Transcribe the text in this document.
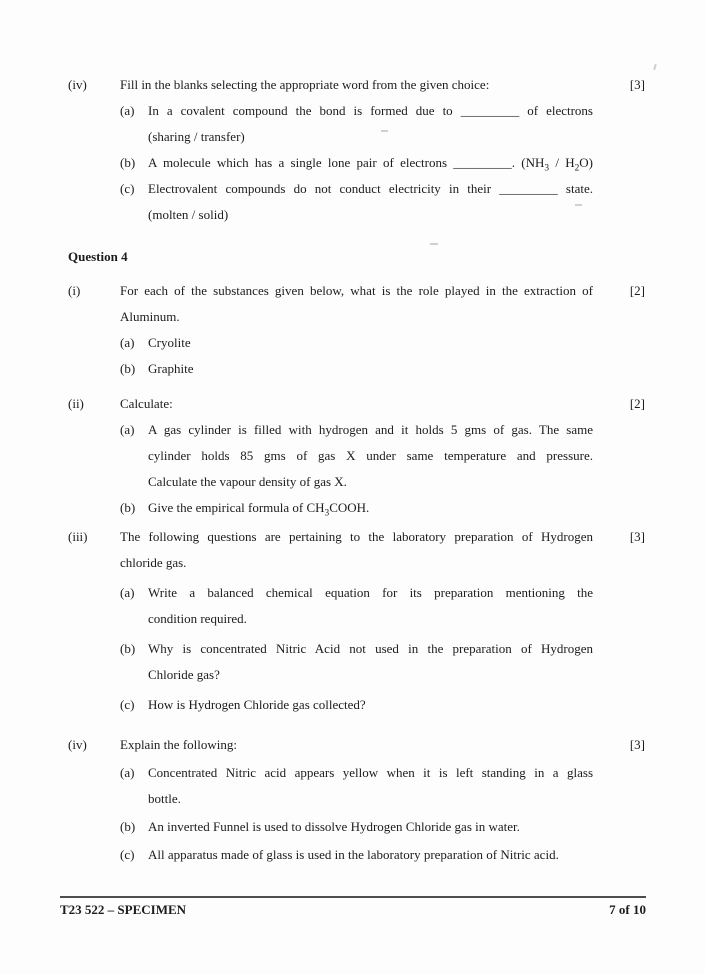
(iv)	Fill in the blanks selecting the appropriate word from the given choice:	[3]
(a)	In a covalent compound the bond is formed due to _________ of electrons
(sharing / transfer)
(b) A molecule which has a single lone pair of electrons _________. $(NH_3 / H_2O)$
(c)	Electrovalent compounds do not conduct electricity in their _________ state.
(molten / solid)
Question 4
(i)	For each of the substances given below, what is the role played in the extraction of
Aluminum.
[2]
(a)	Cryolite
(b) Graphite
(ii)	Calculate:	[2]
(a)	A gas cylinder is filled with hydrogen and it holds 5 gms of gas. The same
cylinder holds 85 gms of gas X under same temperature and pressure.
Calculate the vapour density of gas X.
(b) Give the empirical formula of $CH_3COOH$.
(iii)	The following questions are pertaining to the laboratory preparation of Hydrogen
chloride gas.
[3]
(a)	Write a balanced chemical equation for its preparation mentioning the
condition required.
(b) Why is concentrated Nitric Acid not used in the preparation of Hydrogen
Chloride gas?
(c)	How is Hydrogen Chloride gas collected?
(iv)	Explain the following:	[3]
(a)	Concentrated Nitric acid appears yellow when it is left standing in a glass
bottle.
(b) An inverted Funnel is used to dissolve Hydrogen Chloride gas in water.
(c)	All apparatus made of glass is used in the laboratory preparation of Nitric acid.
T23 522 – SPECIMEN	7 of 10
